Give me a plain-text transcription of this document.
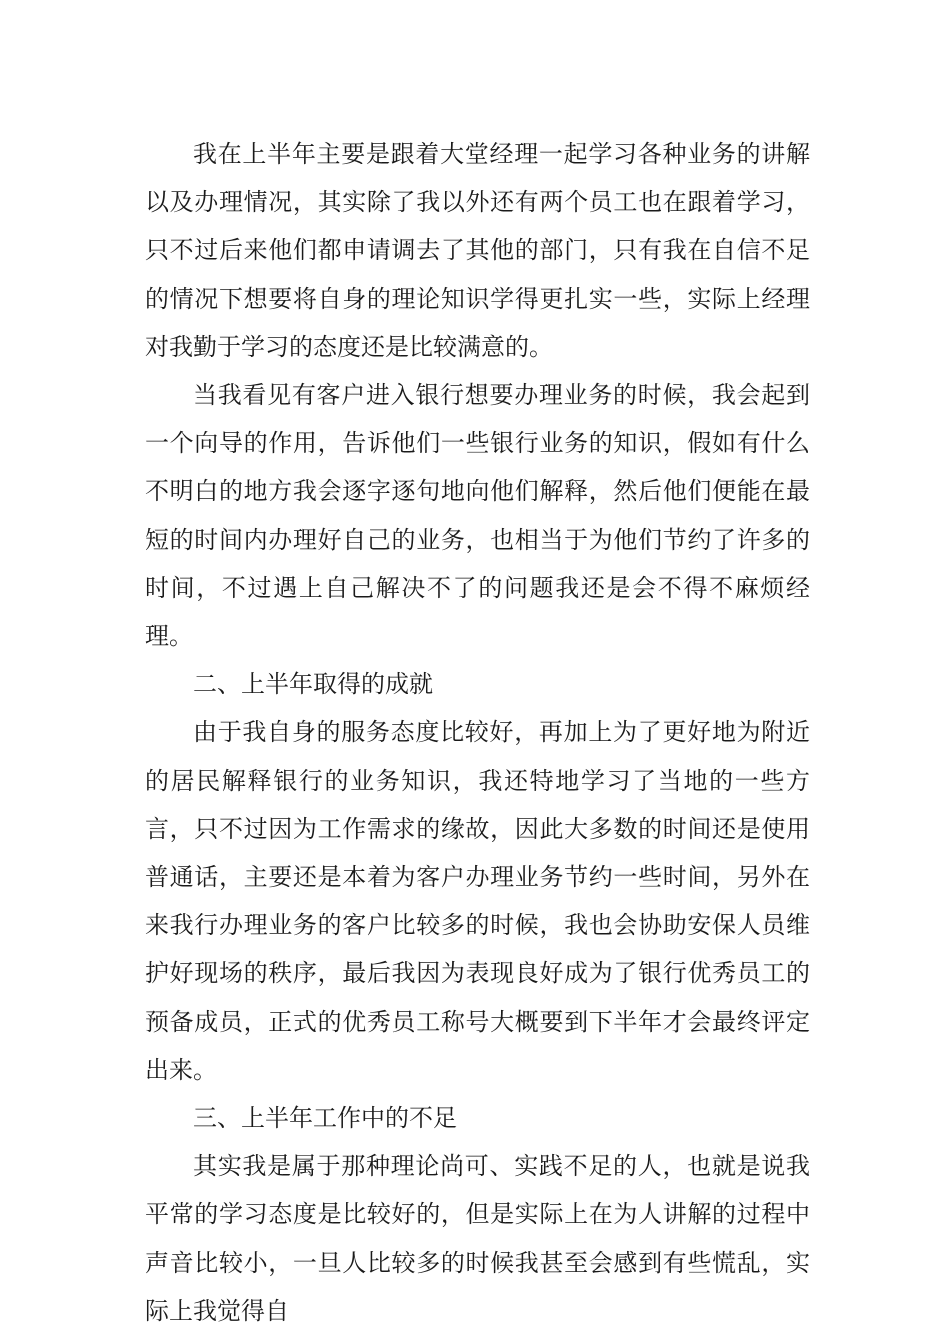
我在上半年主要是跟着大堂经理一起学习各种业务的讲解以及办理情况，其实除了我以外还有两个员工也在跟着学习，只不过后来他们都申请调去了其他的部门，只有我在自信不足的情况下想要将自身的理论知识学得更扎实一些，实际上经理对我勤于学习的态度还是比较满意的。

当我看见有客户进入银行想要办理业务的时候，我会起到一个向导的作用，告诉他们一些银行业务的知识，假如有什么不明白的地方我会逐字逐句地向他们解释，然后他们便能在最短的时间内办理好自己的业务，也相当于为他们节约了许多的时间，不过遇上自己解决不了的问题我还是会不得不麻烦经理。

二、上半年取得的成就

由于我自身的服务态度比较好，再加上为了更好地为附近的居民解释银行的业务知识，我还特地学习了当地的一些方言，只不过因为工作需求的缘故，因此大多数的时间还是使用普通话，主要还是本着为客户办理业务节约一些时间，另外在来我行办理业务的客户比较多的时候，我也会协助安保人员维护好现场的秩序，最后我因为表现良好成为了银行优秀员工的预备成员，正式的优秀员工称号大概要到下半年才会最终评定出来。

三、上半年工作中的不足

其实我是属于那种理论尚可、实践不足的人，也就是说我平常的学习态度是比较好的，但是实际上在为人讲解的过程中声音比较小，一旦人比较多的时候我甚至会感到有些慌乱，实际上我觉得自
